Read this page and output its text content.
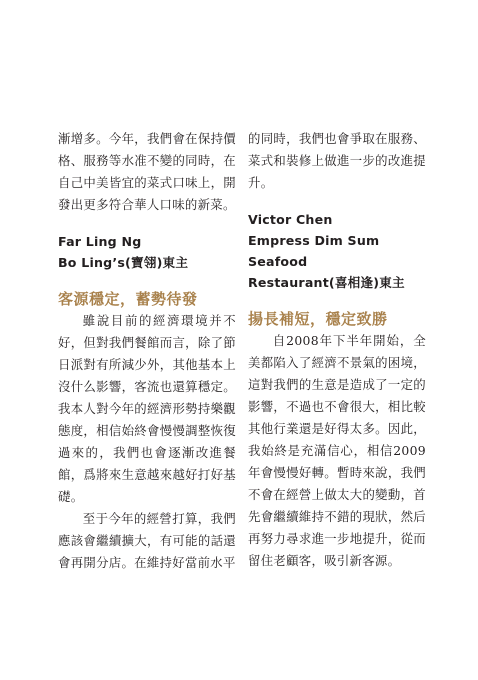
漸增多。今年，我們會在保持價格、服務等水准不變的同時，在自己中美皆宜的菜式口味上，開發出更多符合華人口味的新菜。

Far Ling Ng

Bo Ling’s(寶翎)東主

客源穩定，蓄勢待發

雖說目前的經濟環境并不好，但對我們餐館而言，除了節日派對有所減少外，其他基本上沒什么影響，客流也還算穩定。我本人對今年的經濟形勢持樂觀態度，相信始終會慢慢調整恢復過來的，我們也會逐漸改進餐館，爲將來生意越來越好打好基礎。

至于今年的經營打算，我們應該會繼續擴大，有可能的話還會再開分店。在維持好當前水平

的同時，我們也會爭取在服務、菜式和裝修上做進一步的改進提升。

Victor Chen

Empress Dim Sum Seafood

Restaurant(喜相逢)東主

揚長補短，穩定致勝

自2008年下半年開始，全美都陷入了經濟不景氣的困境，這對我們的生意是造成了一定的影響，不過也不會很大，相比較其他行業還是好得太多。因此，我始終是充滿信心，相信2009年會慢慢好轉。暫時來說，我們不會在經營上做太大的變動，首先會繼續維持不錯的現狀，然后再努力尋求進一步地提升，從而留住老顧客，吸引新客源。
